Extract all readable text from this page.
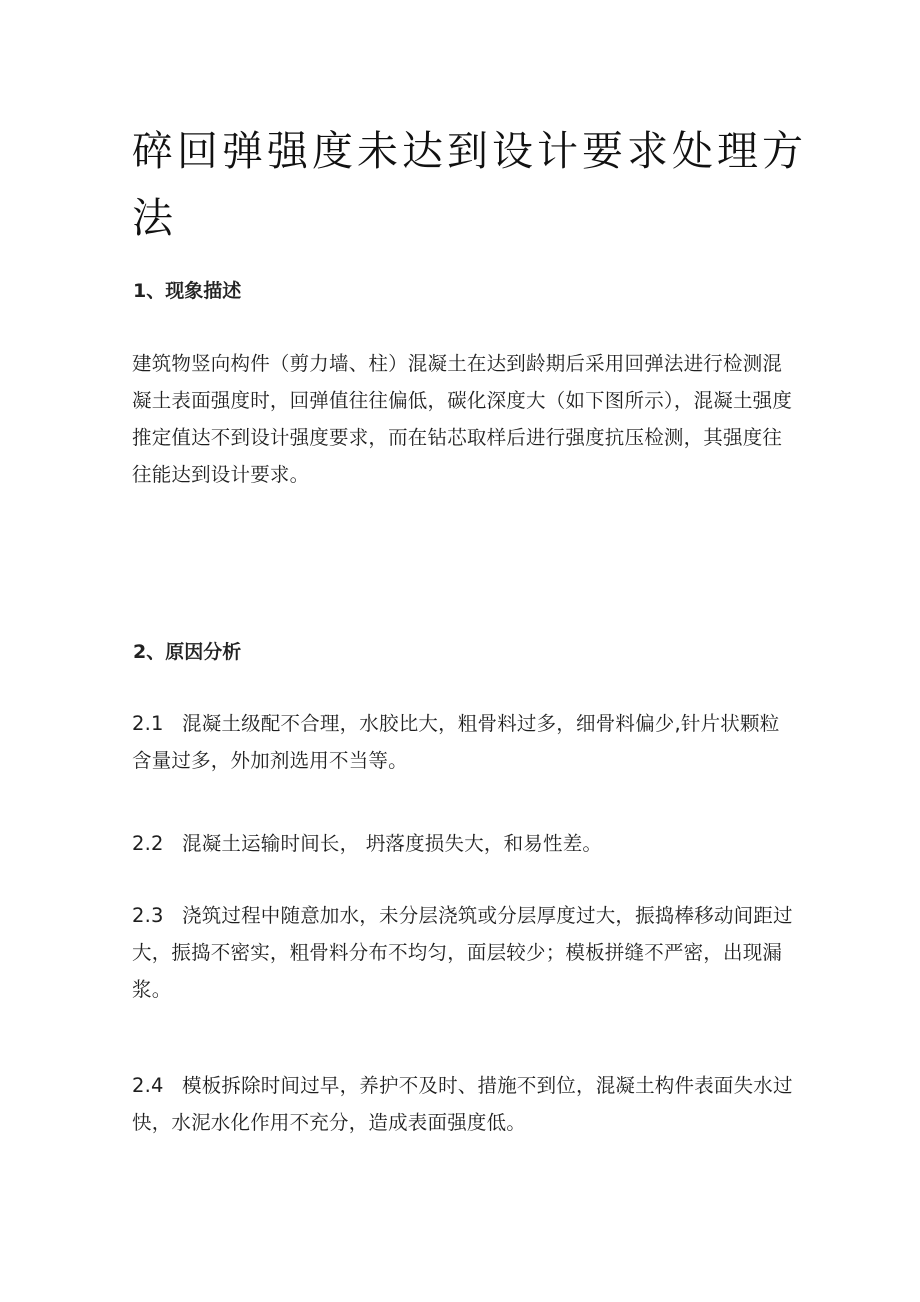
碎回弹强度未达到设计要求处理方法
1、现象描述

建筑物竖向构件（剪力墙、柱）混凝土在达到龄期后采用回弹法进行检测混凝土表面强度时，回弹值往往偏低，碳化深度大（如下图所示），混凝土强度推定值达不到设计强度要求，而在钻芯取样后进行强度抗压检测，其强度往往能达到设计要求。

2、原因分析

2.1 混凝土级配不合理，水胶比大，粗骨料过多，细骨料偏少,针片状颗粒含量过多，外加剂选用不当等。

2.2 混凝土运输时间长， 坍落度损失大，和易性差。

2.3 浇筑过程中随意加水，未分层浇筑或分层厚度过大，振捣棒移动间距过大，振捣不密实，粗骨料分布不均匀，面层较少；模板拼缝不严密，出现漏浆。

2.4 模板拆除时间过早，养护不及时、措施不到位，混凝土构件表面失水过快，水泥水化作用不充分，造成表面强度低。
